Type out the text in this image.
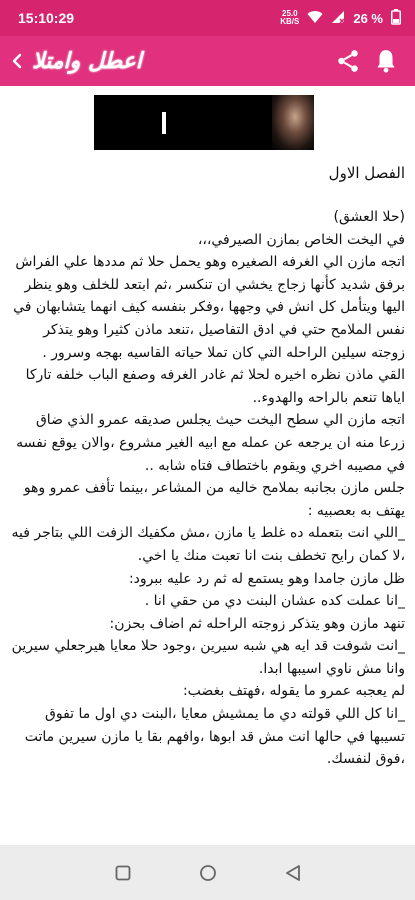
15:10:29	25.0
KB/S	26 %
اعطل وامتلا
الفصل الاول
(حلا العشق)
في اليخت الخاص بمازن الصيرفي،،،
اتجه مازن الي الغرفه الصغيره وهو يحمل حلا ثم مددها علي الفراش برفق شديد كأنها زجاج يخشي ان تنكسر ،ثم ابتعد للخلف وهو ينظر اليها ويتأمل كل انش في وجهها ،وفكر بنفسه كيف انهما يتشابهان في نفس الملامح حتي في ادق التفاصيل ،تنعد ماذن كثيرا وهو يتذكر زوجته سيلين الراحله التي كان تملا حياته القاسيه بهجه وسرور .
القي ماذن نظره اخيره لحلا ثم غادر الغرفه وصفع الباب خلفه تاركا اياها تنعم بالراحه والهدوء..
اتجه مازن الي سطح اليخت حيث يجلس صديقه عمرو الذي ضاق زرعا منه ان يرجعه عن عمله مع ابيه الغير مشروع ،والان يوقع نفسه في مصيبه اخري ويقوم باختطاف فتاه شابه ..
جلس مازن بجانبه بملامح خاليه من المشاعر ،بينما تأفف عمرو وهو يهتف به بعصبيه :
_اللي انت بتعمله ده غلط يا مازن ،مش مكفيك الزفت اللي بتاجر فيه ،لا كمان رايح تخطف بنت انا تعبت منك يا اخي.
ظل مازن جامدا وهو يستمع له ثم رد عليه ببرود:
_انا عملت كده عشان البنت دي من حقي انا .
تنهد مازن وهو يتذكر زوجته الراحله ثم اضاف بحزن:
_انت شوفت قد ايه هي شبه سيرين ،وجود حلا معايا هيرجعلي سيرين وانا مش ناوي اسيبها ابدا.
لم يعجبه عمرو ما يقوله ،فهتف بغضب:
_انا كل اللي قولته دي ما يمشيش معايا ،البنت دي اول ما تفوق تسيبها في حالها انت مش قد ابوها ،وافهم بقا يا مازن سيرين ماتت ،فوق لنفسك.
